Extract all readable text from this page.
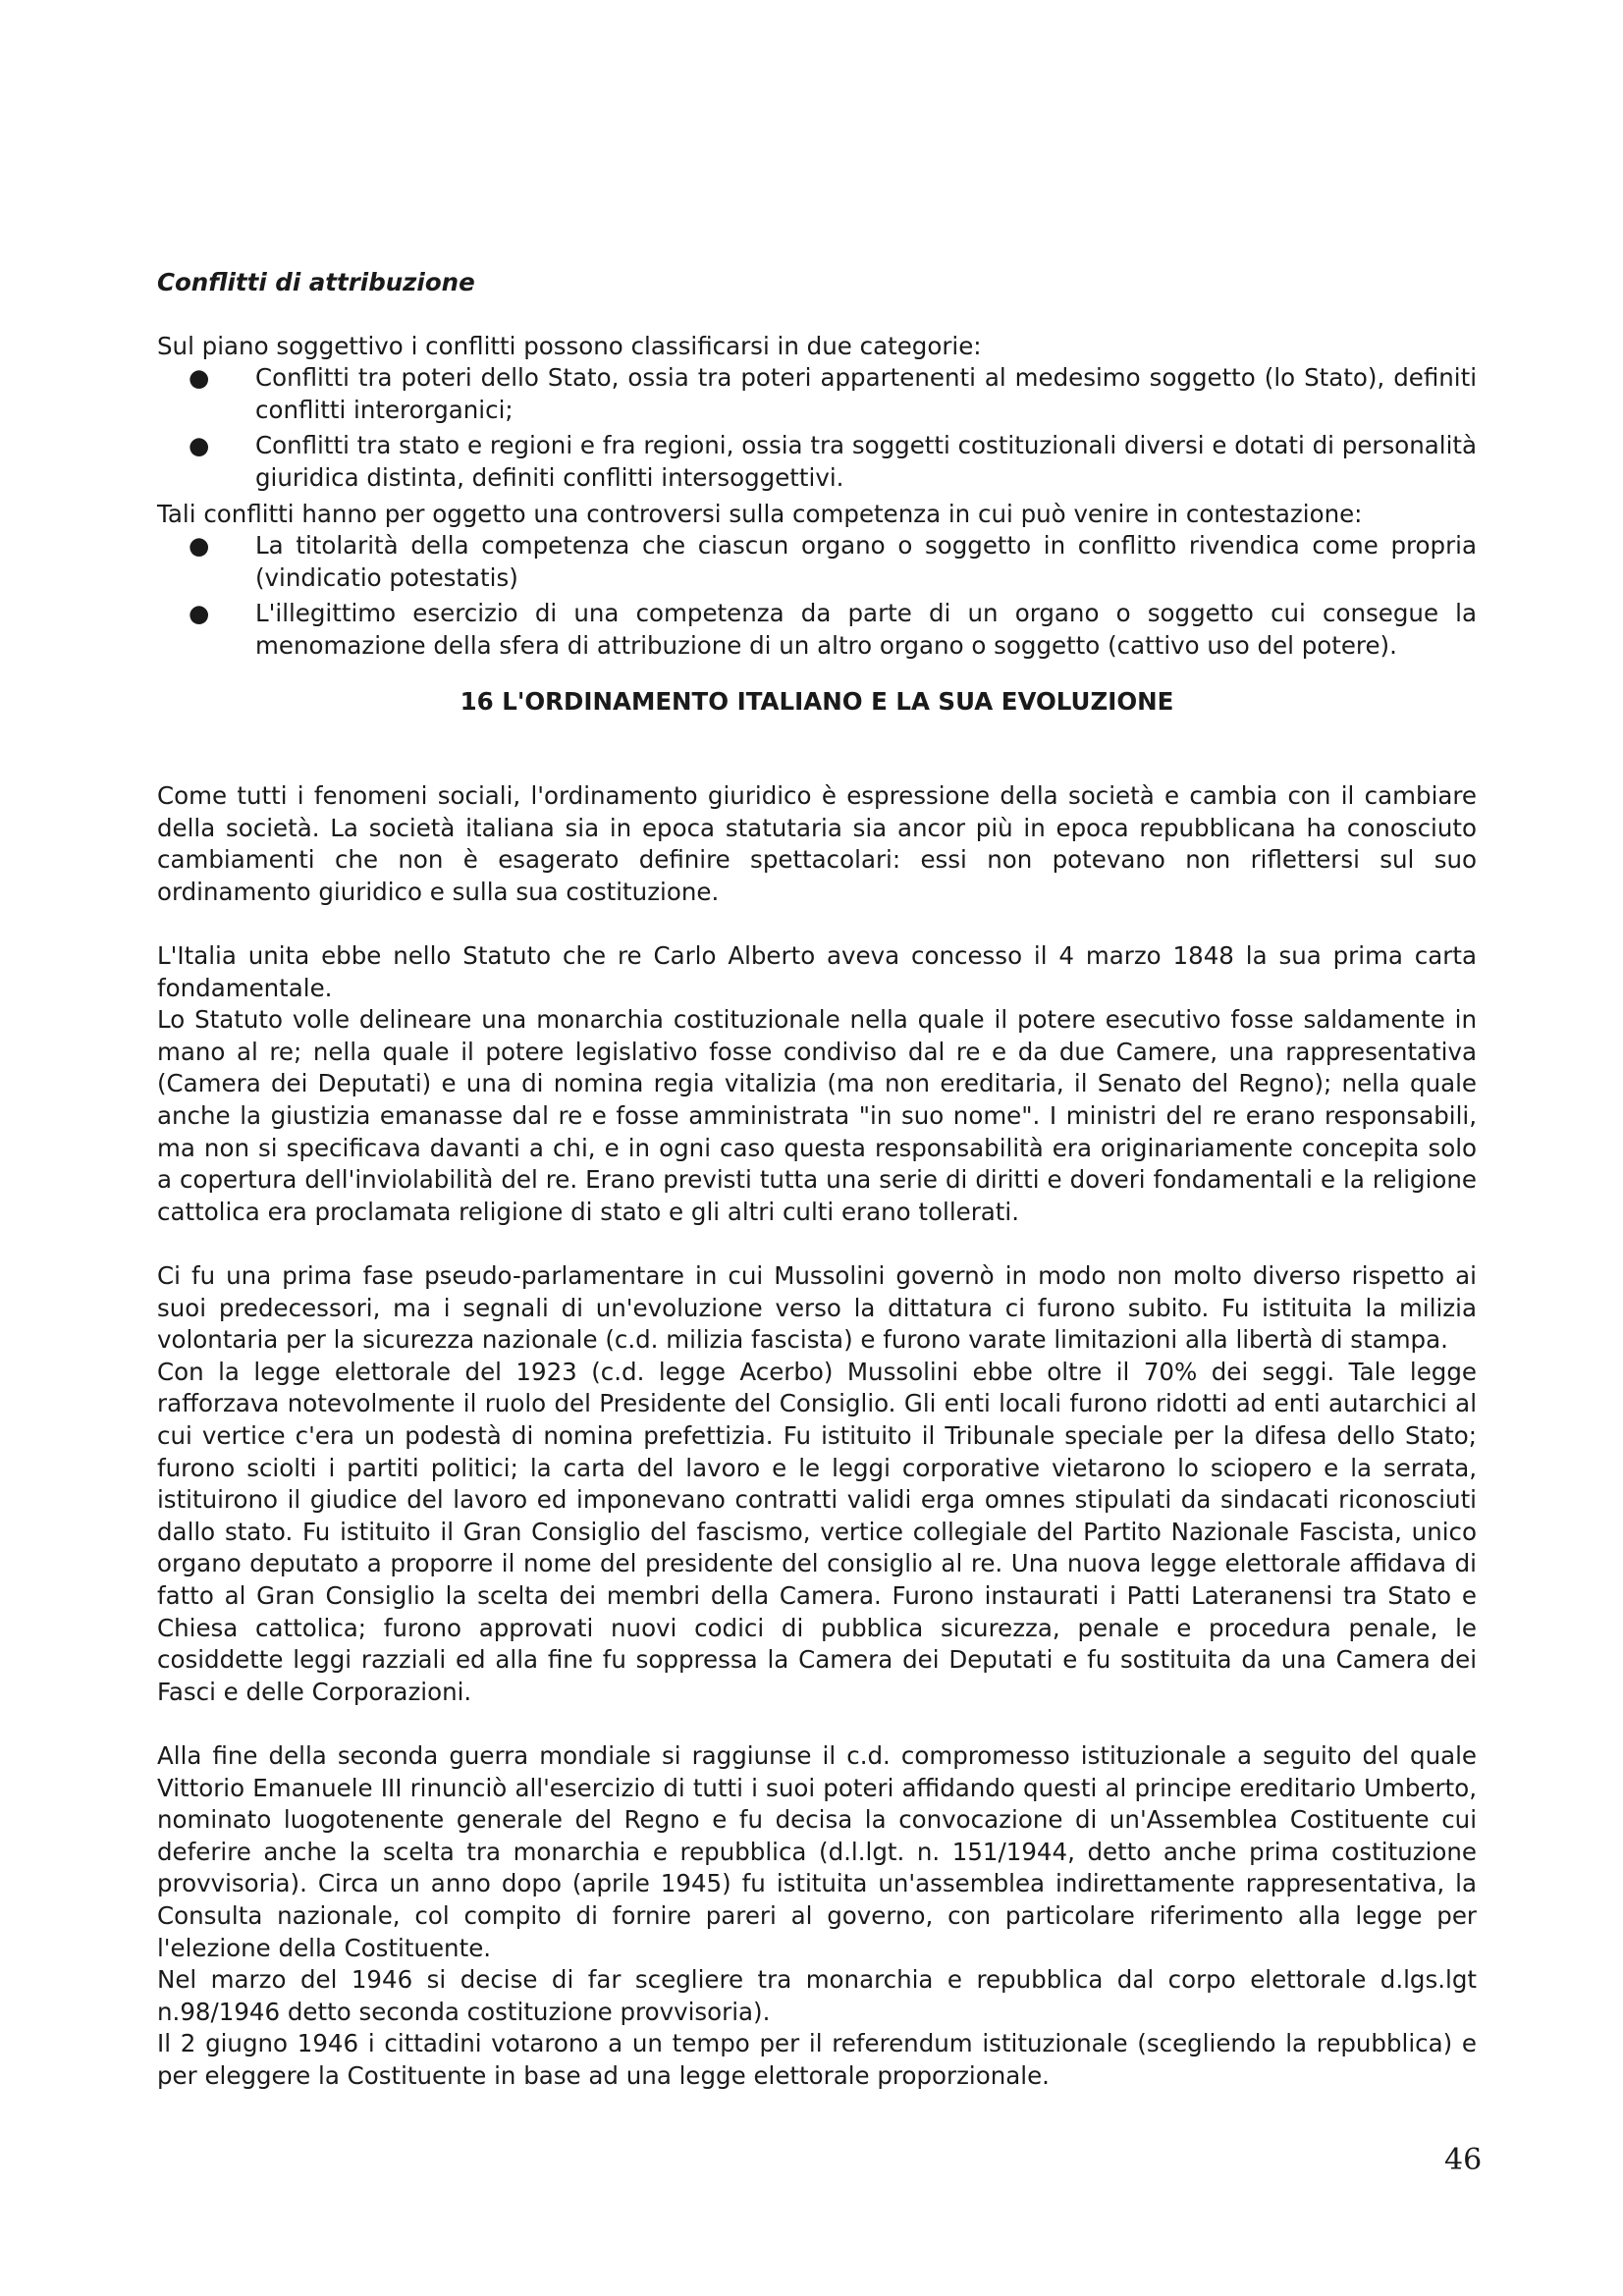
Conflitti di attribuzione

Sul piano soggettivo i conflitti possono classificarsi in due categorie:

● Conflitti tra poteri dello Stato, ossia tra poteri appartenenti al medesimo soggetto (lo Stato), definiti conflitti interorganici;
● Conflitti tra stato e regioni e fra regioni, ossia tra soggetti costituzionali diversi e dotati di personalità giuridica distinta, definiti conflitti intersoggettivi.

Tali conflitti hanno per oggetto una controversi sulla competenza in cui può venire in contestazione:

● La titolarità della competenza che ciascun organo o soggetto in conflitto rivendica come propria (vindicatio potestatis)
● L'illegittimo esercizio di una competenza da parte di un organo o soggetto cui consegue la menomazione della sfera di attribuzione di un altro organo o soggetto (cattivo uso del potere).

16 L'ORDINAMENTO ITALIANO E LA SUA EVOLUZIONE

Come tutti i fenomeni sociali, l'ordinamento giuridico è espressione della società e cambia con il cambiare della società. La società italiana sia in epoca statutaria sia ancor più in epoca repubblicana ha conosciuto cambiamenti che non è esagerato definire spettacolari: essi non potevano non riflettersi sul suo ordinamento giuridico e sulla sua costituzione.

L'Italia unita ebbe nello Statuto che re Carlo Alberto aveva concesso il 4 marzo 1848 la sua prima carta fondamentale.

Lo Statuto volle delineare una monarchia costituzionale nella quale il potere esecutivo fosse saldamente in mano al re; nella quale il potere legislativo fosse condiviso dal re e da due Camere, una rappresentativa (Camera dei Deputati) e una di nomina regia vitalizia (ma non ereditaria, il Senato del Regno); nella quale anche la giustizia emanasse dal re e fosse amministrata "in suo nome". I ministri del re erano responsabili, ma non si specificava davanti a chi, e in ogni caso questa responsabilità era originariamente concepita solo a copertura dell'inviolabilità del re. Erano previsti tutta una serie di diritti e doveri fondamentali e la religione cattolica era proclamata religione di stato e gli altri culti erano tollerati.

Ci fu una prima fase pseudo-parlamentare in cui Mussolini governò in modo non molto diverso rispetto ai suoi predecessori, ma i segnali di un'evoluzione verso la dittatura ci furono subito. Fu istituita la milizia volontaria per la sicurezza nazionale (c.d. milizia fascista) e furono varate limitazioni alla libertà di stampa.

Con la legge elettorale del 1923 (c.d. legge Acerbo) Mussolini ebbe oltre il 70% dei seggi. Tale legge rafforzava notevolmente il ruolo del Presidente del Consiglio. Gli enti locali furono ridotti ad enti autarchici al cui vertice c'era un podestà di nomina prefettizia. Fu istituito il Tribunale speciale per la difesa dello Stato; furono sciolti i partiti politici; la carta del lavoro e le leggi corporative vietarono lo sciopero e la serrata, istituirono il giudice del lavoro ed imponevano contratti validi erga omnes stipulati da sindacati riconosciuti dallo stato. Fu istituito il Gran Consiglio del fascismo, vertice collegiale del Partito Nazionale Fascista, unico organo deputato a proporre il nome del presidente del consiglio al re. Una nuova legge elettorale affidava di fatto al Gran Consiglio la scelta dei membri della Camera. Furono instaurati i Patti Lateranensi tra Stato e Chiesa cattolica; furono approvati nuovi codici di pubblica sicurezza, penale e procedura penale, le cosiddette leggi razziali ed alla fine fu soppressa la Camera dei Deputati e fu sostituita da una Camera dei Fasci e delle Corporazioni.

Alla fine della seconda guerra mondiale si raggiunse il c.d. compromesso istituzionale a seguito del quale Vittorio Emanuele III rinunciò all'esercizio di tutti i suoi poteri affidando questi al principe ereditario Umberto, nominato luogotenente generale del Regno e fu decisa la convocazione di un'Assemblea Costituente cui deferire anche la scelta tra monarchia e repubblica (d.l.lgt. n. 151/1944, detto anche prima costituzione provvisoria). Circa un anno dopo (aprile 1945) fu istituita un'assemblea indirettamente rappresentativa, la Consulta nazionale, col compito di fornire pareri al governo, con particolare riferimento alla legge per l'elezione della Costituente.

Nel marzo del 1946 si decise di far scegliere tra monarchia e repubblica dal corpo elettorale d.lgs.lgt n.98/1946 detto seconda costituzione provvisoria).

Il 2 giugno 1946 i cittadini votarono a un tempo per il referendum istituzionale (scegliendo la repubblica) e per eleggere la Costituente in base ad una legge elettorale proporzionale.

46
